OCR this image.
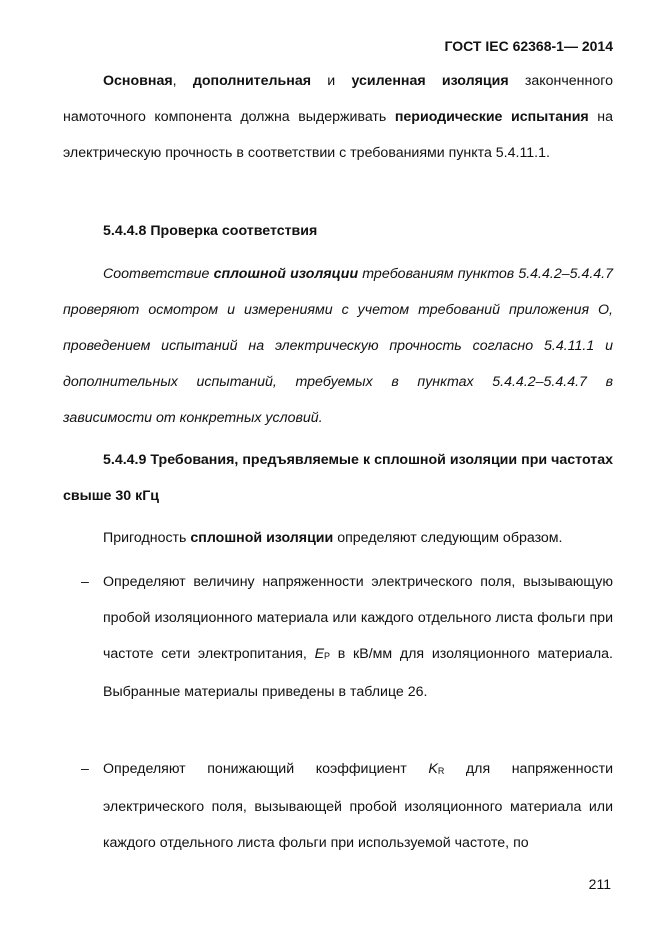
ГОСТ IEC 62368-1— 2014
Основная, дополнительная и усиленная изоляция законченного намоточного компонента должна выдерживать периодические испытания на электрическую прочность в соответствии с требованиями пункта 5.4.11.1.
5.4.4.8 Проверка соответствия
Соответствие сплошной изоляции требованиям пунктов 5.4.4.2–5.4.4.7 проверяют осмотром и измерениями с учетом требований приложения О, проведением испытаний на электрическую прочность согласно 5.4.11.1 и дополнительных испытаний, требуемых в пунктах 5.4.4.2–5.4.4.7 в зависимости от конкретных условий.
5.4.4.9 Требования, предъявляемые к сплошной изоляции при частотах свыше 30 кГц
Пригодность сплошной изоляции определяют следующим образом.
– Определяют величину напряженности электрического поля, вызывающую пробой изоляционного материала или каждого отдельного листа фольги при частоте сети электропитания, $E_P$ в кВ/мм для изоляционного материала. Выбранные материалы приведены в таблице 26.
– Определяют понижающий коэффициент $K_R$ для напряженности электрического поля, вызывающей пробой изоляционного материала или каждого отдельного листа фольги при используемой частоте, по
211
